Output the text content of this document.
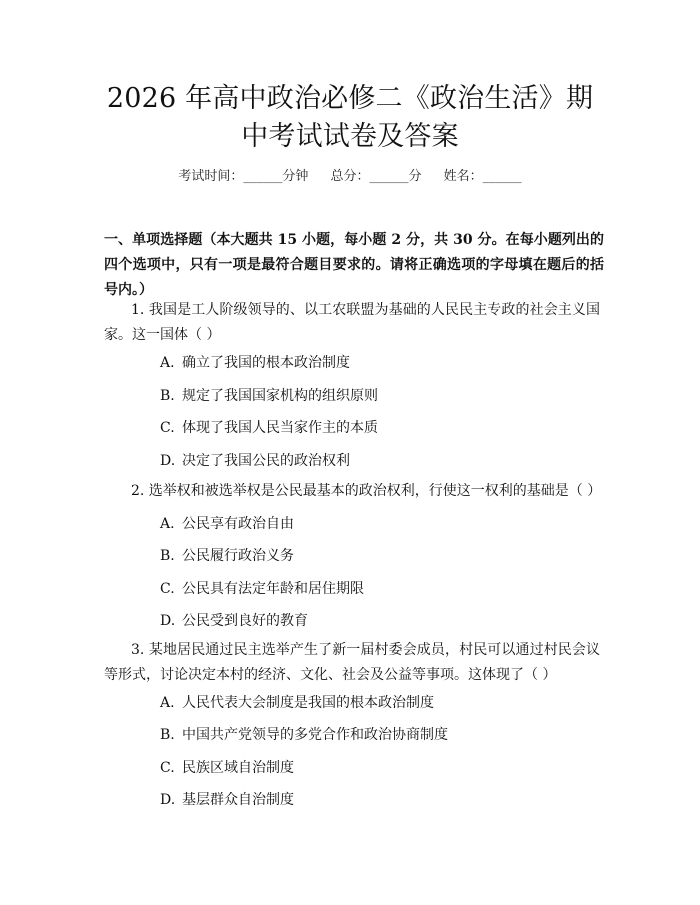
2026 年高中政治必修二《政治生活》期中考试试卷及答案
考试时间：______分钟 总分：______分 姓名：______

一、单项选择题（本大题共 15 小题，每小题 2 分，共 30 分。在每小题列出的四个选项中，只有一项是最符合题目要求的。请将正确选项的字母填在题后的括号内。）

1. 我国是工人阶级领导的、以工农联盟为基础的人民民主专政的社会主义国家。这一国体（ ）

A. 确立了我国的根本政治制度
B. 规定了我国国家机构的组织原则
C. 体现了我国人民当家作主的本质
D. 决定了我国公民的政治权利

2. 选举权和被选举权是公民最基本的政治权利，行使这一权利的基础是（ ）

A. 公民享有政治自由
B. 公民履行政治义务
C. 公民具有法定年龄和居住期限
D. 公民受到良好的教育

3. 某地居民通过民主选举产生了新一届村委会成员，村民可以通过村民会议等形式，讨论决定本村的经济、文化、社会及公益等事项。这体现了（ ）

A. 人民代表大会制度是我国的根本政治制度
B. 中国共产党领导的多党合作和政治协商制度
C. 民族区域自治制度
D. 基层群众自治制度
